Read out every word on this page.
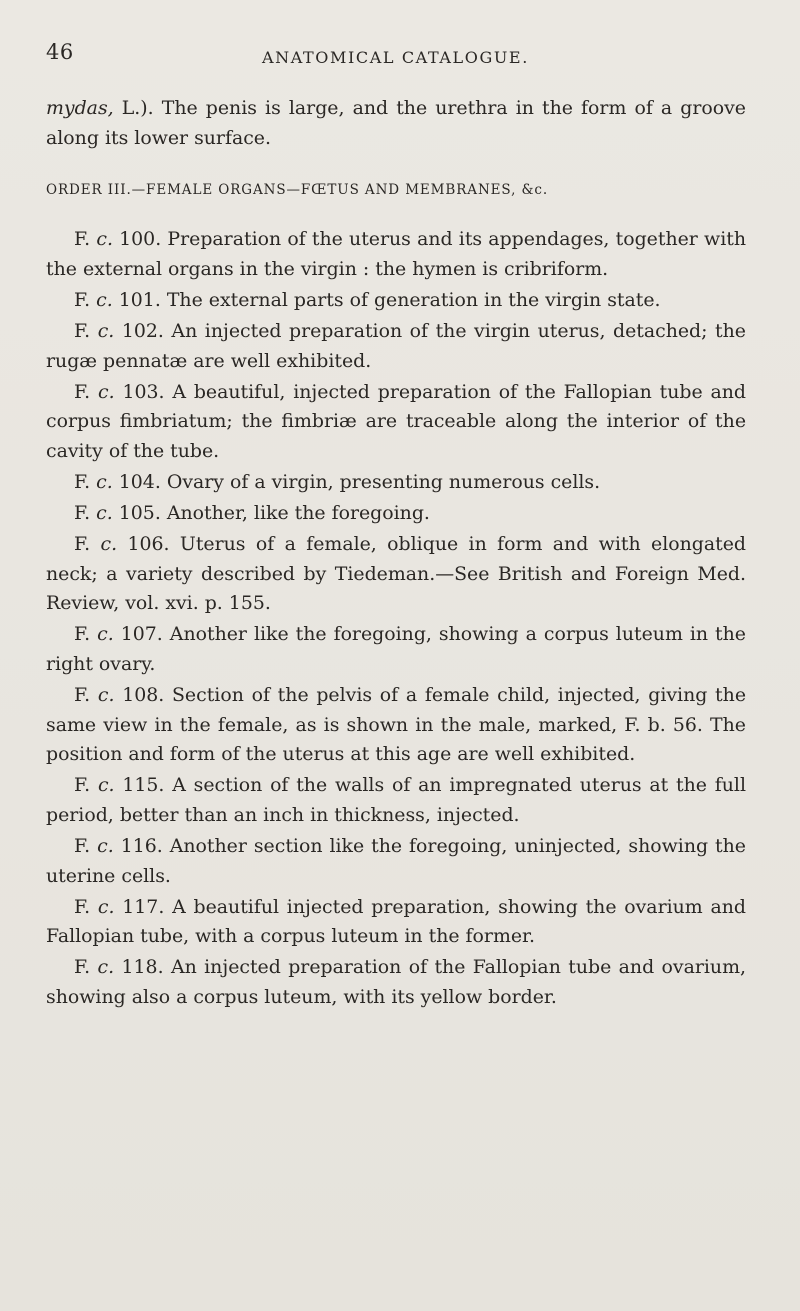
46	ANATOMICAL CATALOGUE.

mydas, L.). The penis is large, and the urethra in the form of a groove along its lower surface.

ORDER III.—FEMALE ORGANS—FŒTUS AND MEMBRANES, &c.

F. c. 100. Preparation of the uterus and its appendages, together with the external organs in the virgin : the hymen is cribriform.

F. c. 101. The external parts of generation in the virgin state.

F. c. 102. An injected preparation of the virgin uterus, detached; the rugæ pennatæ are well exhibited.

F. c. 103. A beautiful, injected preparation of the Fallopian tube and corpus fimbriatum; the fimbriæ are traceable along the interior of the cavity of the tube.

F. c. 104. Ovary of a virgin, presenting numerous cells.

F. c. 105. Another, like the foregoing.

F. c. 106. Uterus of a female, oblique in form and with elongated neck; a variety described by Tiedeman.—See British and Foreign Med. Review, vol. xvi. p. 155.

F. c. 107. Another like the foregoing, showing a corpus luteum in the right ovary.

F. c. 108. Section of the pelvis of a female child, injected, giving the same view in the female, as is shown in the male, marked, F. b. 56. The position and form of the uterus at this age are well exhibited.

F. c. 115. A section of the walls of an impregnated uterus at the full period, better than an inch in thickness, injected.

F. c. 116. Another section like the foregoing, uninjected, showing the uterine cells.

F. c. 117. A beautiful injected preparation, showing the ovarium and Fallopian tube, with a corpus luteum in the former.

F. c. 118. An injected preparation of the Fallopian tube and ovarium, showing also a corpus luteum, with its yellow border.
